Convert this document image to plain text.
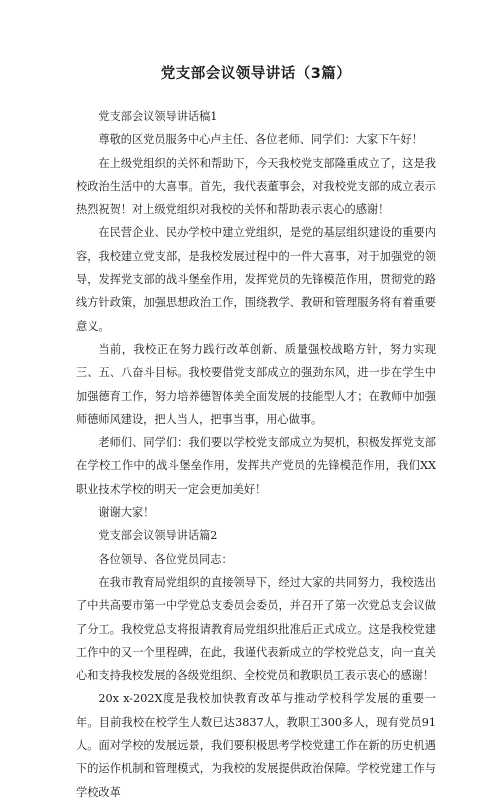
党支部会议领导讲话（3篇）

党支部会议领导讲话稿1

尊敬的区党员服务中心卢主任、各位老师、同学们：大家下午好！

在上级党组织的关怀和帮助下，今天我校党支部隆重成立了，这是我校政治生活中的大喜事。首先，我代表董事会，对我校党支部的成立表示热烈祝贺！对上级党组织对我校的关怀和帮助表示衷心的感谢！

在民营企业、民办学校中建立党组织，是党的基层组织建设的重要内容，我校建立党支部，是我校发展过程中的一件大喜事，对于加强党的领导，发挥党支部的战斗堡垒作用，发挥党员的先锋模范作用，贯彻党的路线方针政策，加强思想政治工作，围绕教学、教研和管理服务将有着重要意义。

当前，我校正在努力践行改革创新、质量强校战略方针，努力实现三、五、八奋斗目标。我校要借党支部成立的强劲东风，进一步在学生中加强德育工作，努力培养德智体美全面发展的技能型人才；在教师中加强师德师风建设，把人当人，把事当事，用心做事。

老师们、同学们：我们要以学校党支部成立为契机，积极发挥党支部在学校工作中的战斗堡垒作用，发挥共产党员的先锋模范作用，我们XX职业技术学校的明天一定会更加美好！

谢谢大家！

党支部会议领导讲话篇2

各位领导、各位党员同志：

在我市教育局党组织的直接领导下，经过大家的共同努力，我校选出了中共高要市第一中学党总支委员会委员，并召开了第一次党总支会议做了分工。我校党总支将报请教育局党组织批准后正式成立。这是我校党建工作中的又一个里程碑，在此，我谨代表新成立的学校党总支，向一直关心和支持我校发展的各级党组织、全校党员和教职员工表示衷心的感谢！

20x x-202X度是我校加快教育改革与推动学校科学发展的重要一年。目前我校在校学生人数已达3837人，教职工300多人，现有党员91人。面对学校的发展远景，我们要积极思考学校党建工作在新的历史机遇下的运作机制和管理模式，为我校的发展提供政治保障。学校党建工作与学校改革
